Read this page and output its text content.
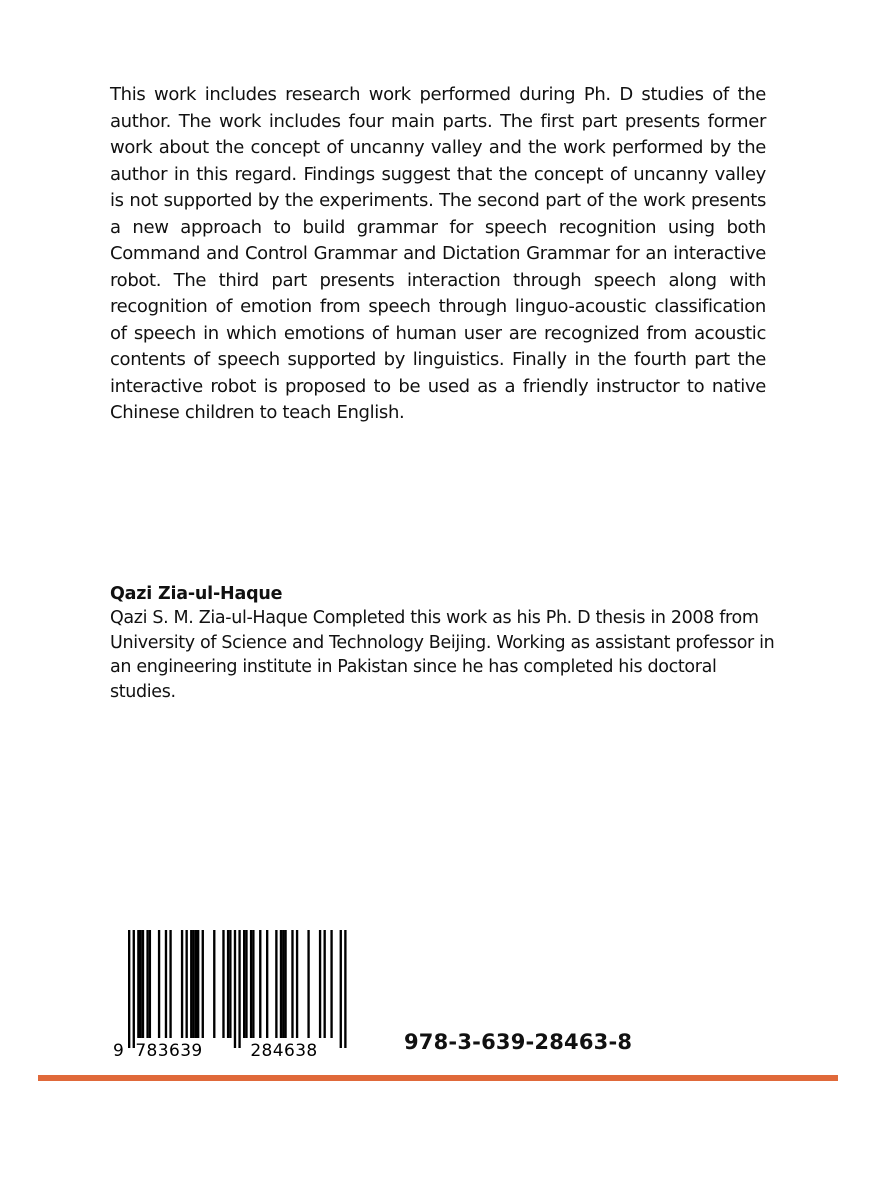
This work includes research work performed during Ph. D studies of the author. The work includes four main parts. The first part presents former work about the concept of uncanny valley and the work performed by the author in this regard. Findings suggest that the concept of uncanny valley is not supported by the experiments. The second part of the work presents a new approach to build grammar for speech recognition using both Command and Control Grammar and Dictation Grammar for an interactive robot. The third part presents interaction through speech along with recognition of emotion from speech through linguo-acoustic classification of speech in which emotions of human user are recognized from acoustic contents of speech supported by linguistics. Finally in the fourth part the interactive robot is proposed to be used as a friendly instructor to native Chinese children to teach English.

Qazi Zia-ul-Haque

Qazi S. M. Zia-ul-Haque Completed this work as his Ph. D thesis in 2008 from University of Science and Technology Beijing. Working as assistant professor in an engineering institute in Pakistan since he has completed his doctoral studies.

9 783639	284638	978-3-639-28463-8
